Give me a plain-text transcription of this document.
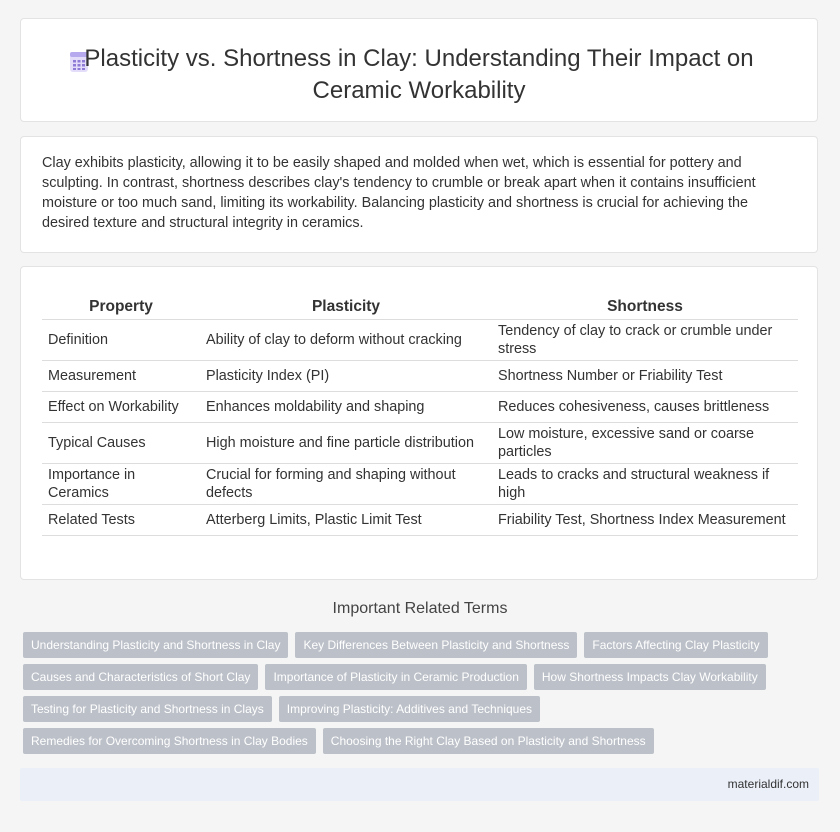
Plasticity vs. Shortness in Clay: Understanding Their Impact on Ceramic Workability

Clay exhibits plasticity, allowing it to be easily shaped and molded when wet, which is essential for pottery and sculpting. In contrast, shortness describes clay's tendency to crumble or break apart when it contains insufficient moisture or too much sand, limiting its workability. Balancing plasticity and shortness is crucial for achieving the desired texture and structural integrity in ceramics.

Property	Plasticity	Shortness
Definition	Ability of clay to deform without cracking	Tendency of clay to crack or crumble under stress
Measurement	Plasticity Index (PI)	Shortness Number or Friability Test
Effect on Workability	Enhances moldability and shaping	Reduces cohesiveness, causes brittleness
Typical Causes	High moisture and fine particle distribution	Low moisture, excessive sand or coarse particles
Importance in Ceramics	Crucial for forming and shaping without defects	Leads to cracks and structural weakness if high
Related Tests	Atterberg Limits, Plastic Limit Test	Friability Test, Shortness Index Measurement
Important Related Terms
Understanding Plasticity and Shortness in Clay	Key Differences Between Plasticity and Shortness	Factors Affecting Clay Plasticity
Causes and Characteristics of Short Clay	Importance of Plasticity in Ceramic Production	How Shortness Impacts Clay Workability
Testing for Plasticity and Shortness in Clays	Improving Plasticity: Additives and Techniques
Remedies for Overcoming Shortness in Clay Bodies	Choosing the Right Clay Based on Plasticity and Shortness
materialdif.com
